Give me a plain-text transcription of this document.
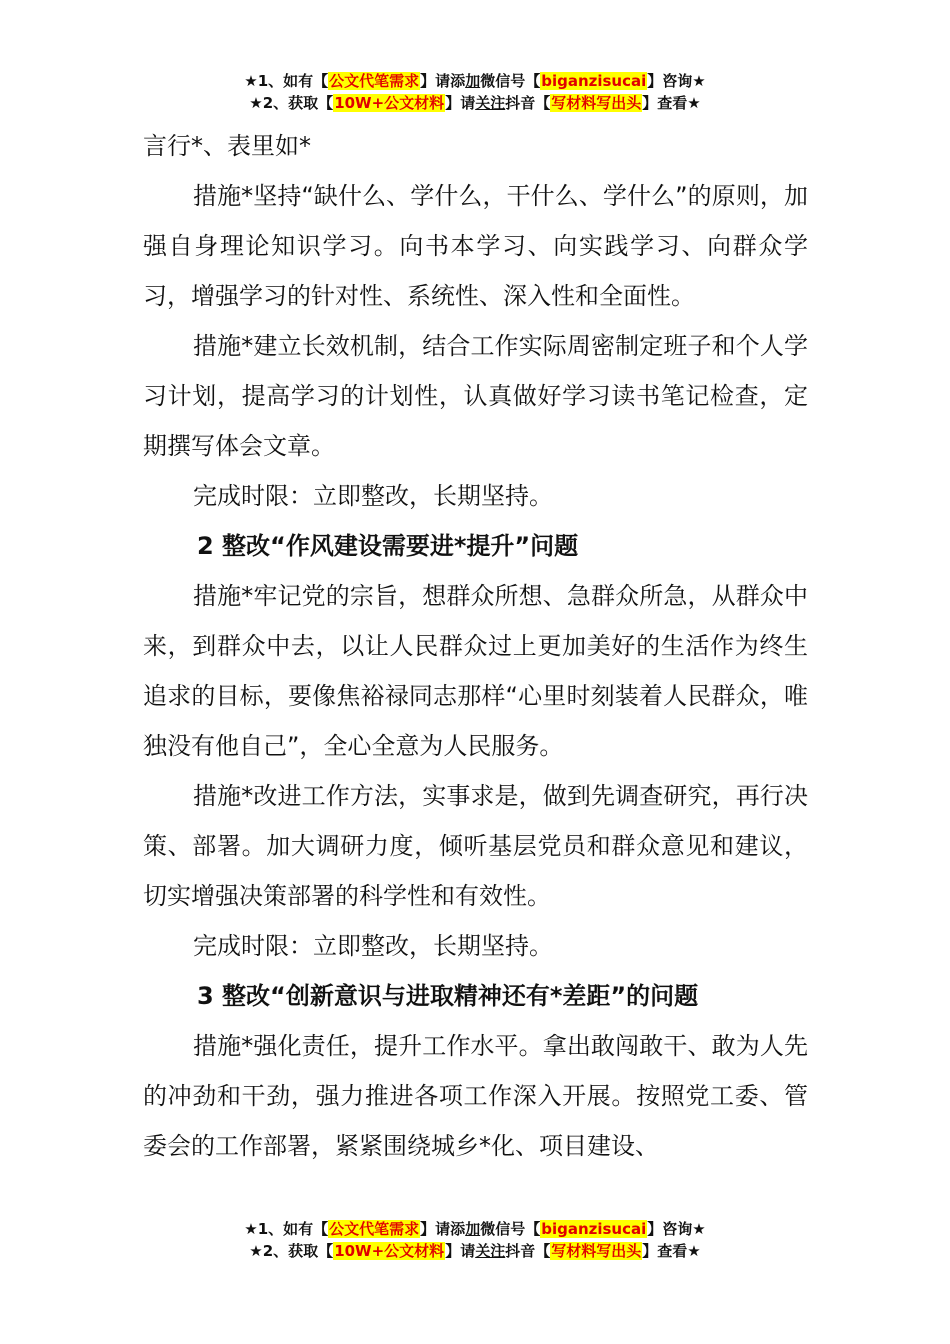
★1、如有【公文代笔需求】请添加微信号【biganzisucai】咨询★
★2、获取【10W+公文材料】请关注抖音【写材料写出头】查看★

言行*、表里如*

措施*坚持“缺什么、学什么，干什么、学什么”的原则，加强自身理论知识学习。向书本学习、向实践学习、向群众学习，增强学习的针对性、系统性、深入性和全面性。

措施*建立长效机制，结合工作实际周密制定班子和个人学习计划，提高学习的计划性，认真做好学习读书笔记检查，定期撰写体会文章。

完成时限：立即整改，长期坚持。

2 整改“作风建设需要进*提升”问题

措施*牢记党的宗旨，想群众所想、急群众所急，从群众中来，到群众中去，以让人民群众过上更加美好的生活作为终生追求的目标，要像焦裕禄同志那样“心里时刻装着人民群众，唯独没有他自己”，全心全意为人民服务。

措施*改进工作方法，实事求是，做到先调查研究，再行决策、部署。加大调研力度，倾听基层党员和群众意见和建议，切实增强决策部署的科学性和有效性。

完成时限：立即整改，长期坚持。

3 整改“创新意识与进取精神还有*差距”的问题

措施*强化责任，提升工作水平。拿出敢闯敢干、敢为人先的冲劲和干劲，强力推进各项工作深入开展。按照党工委、管委会的工作部署，紧紧围绕城乡*化、项目建设、

★1、如有【公文代笔需求】请添加微信号【biganzisucai】咨询★
★2、获取【10W+公文材料】请关注抖音【写材料写出头】查看★
